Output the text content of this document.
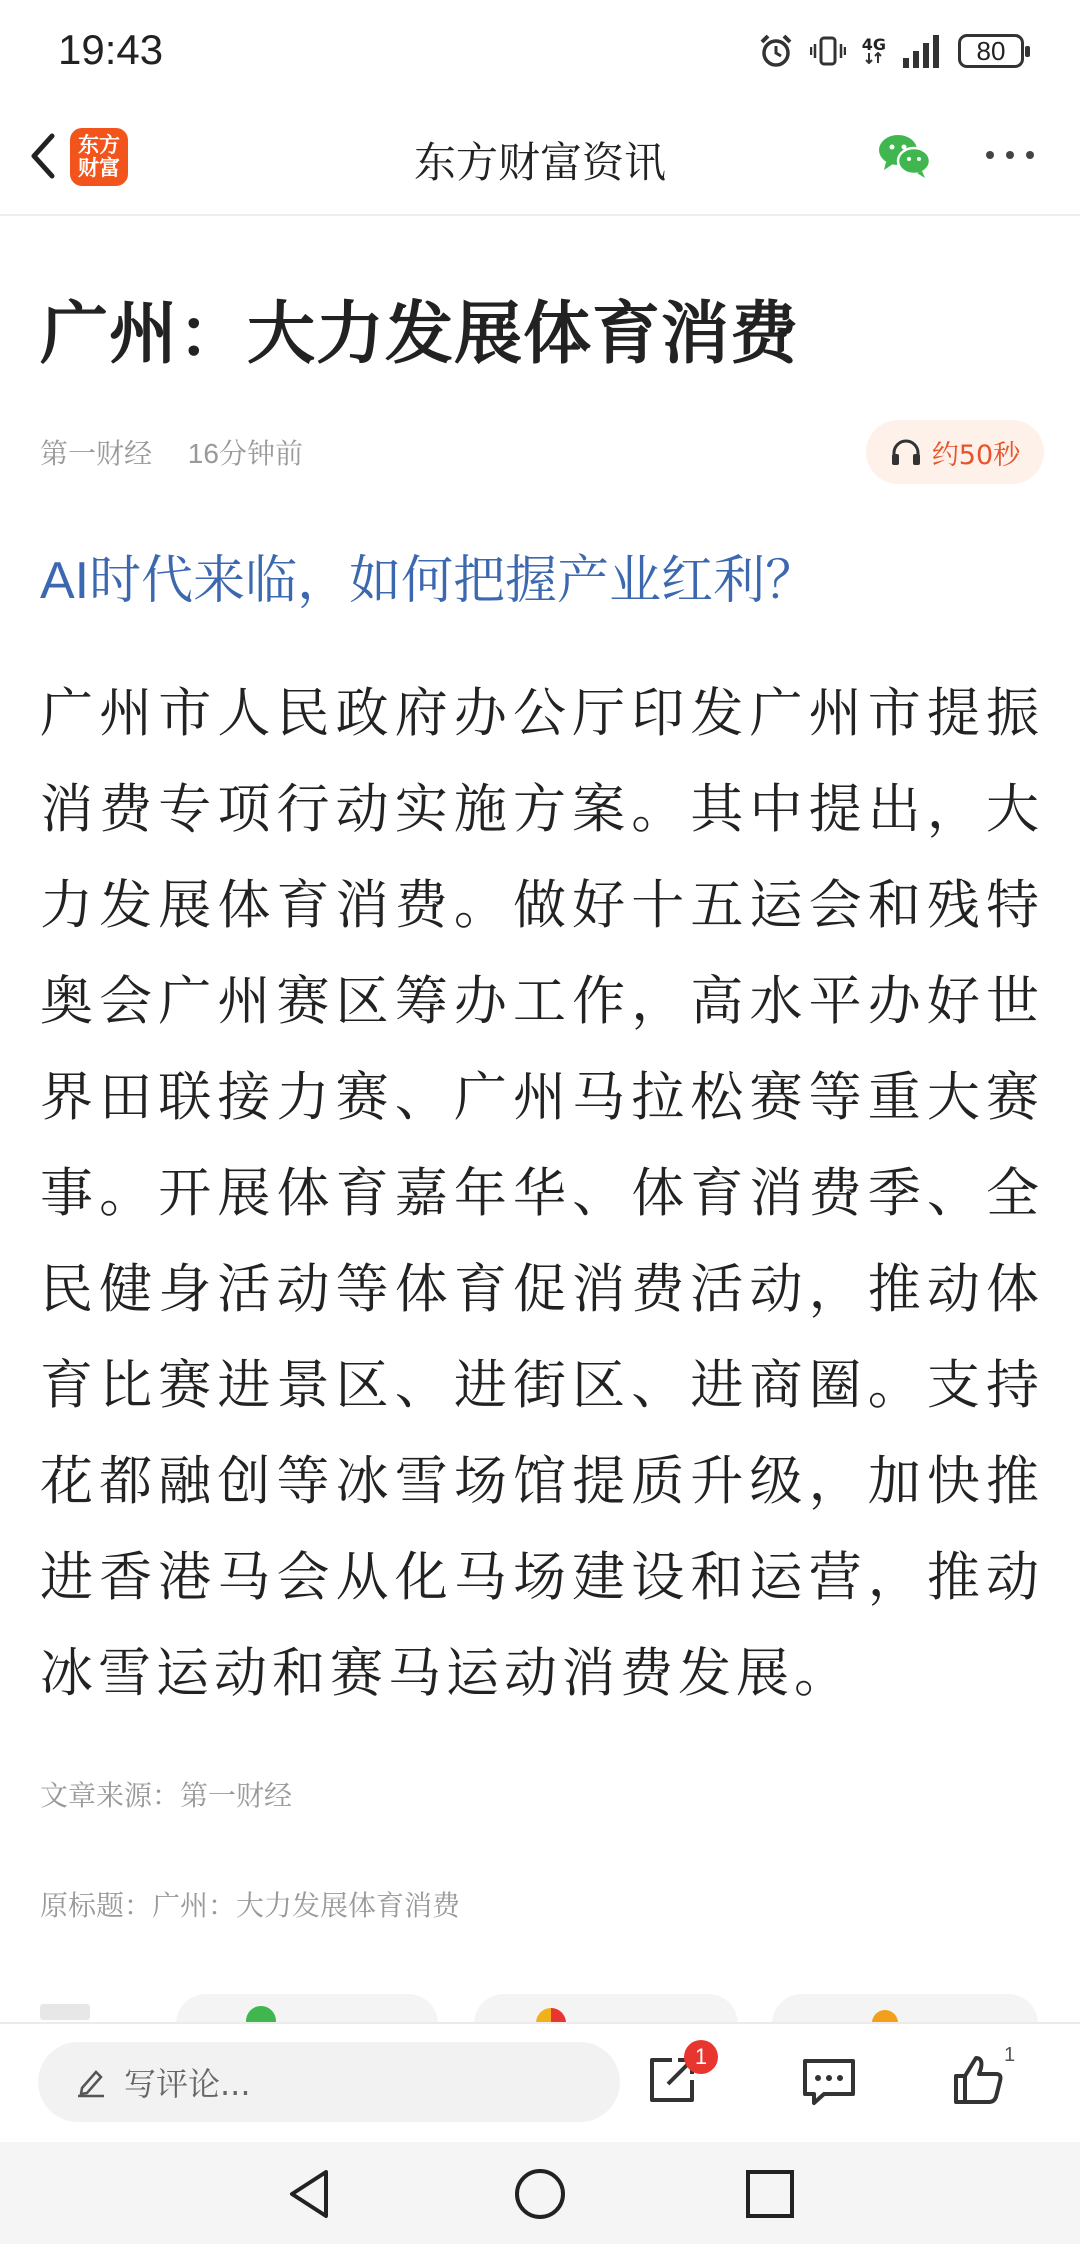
19:43	4G	80
东方财富	东方财富资讯
广州：大力发展体育消费
第一财经 16分钟前	约50秒
AI时代来临，如何把握产业红利？

广州市人民政府办公厅印发广州市提振消费专项行动实施方案。其中提出，大力发展体育消费。做好十五运会和残特奥会广州赛区筹办工作，高水平办好世界田联接力赛、广州马拉松赛等重大赛事。开展体育嘉年华、体育消费季、全民健身活动等体育促消费活动，推动体育比赛进景区、进街区、进商圈。支持花都融创等冰雪场馆提质升级，加快推进香港马会从化马场建设和运营，推动冰雪运动和赛马运动消费发展。

文章来源：第一财经
原标题：广州：大力发展体育消费
写评论...
1	1
